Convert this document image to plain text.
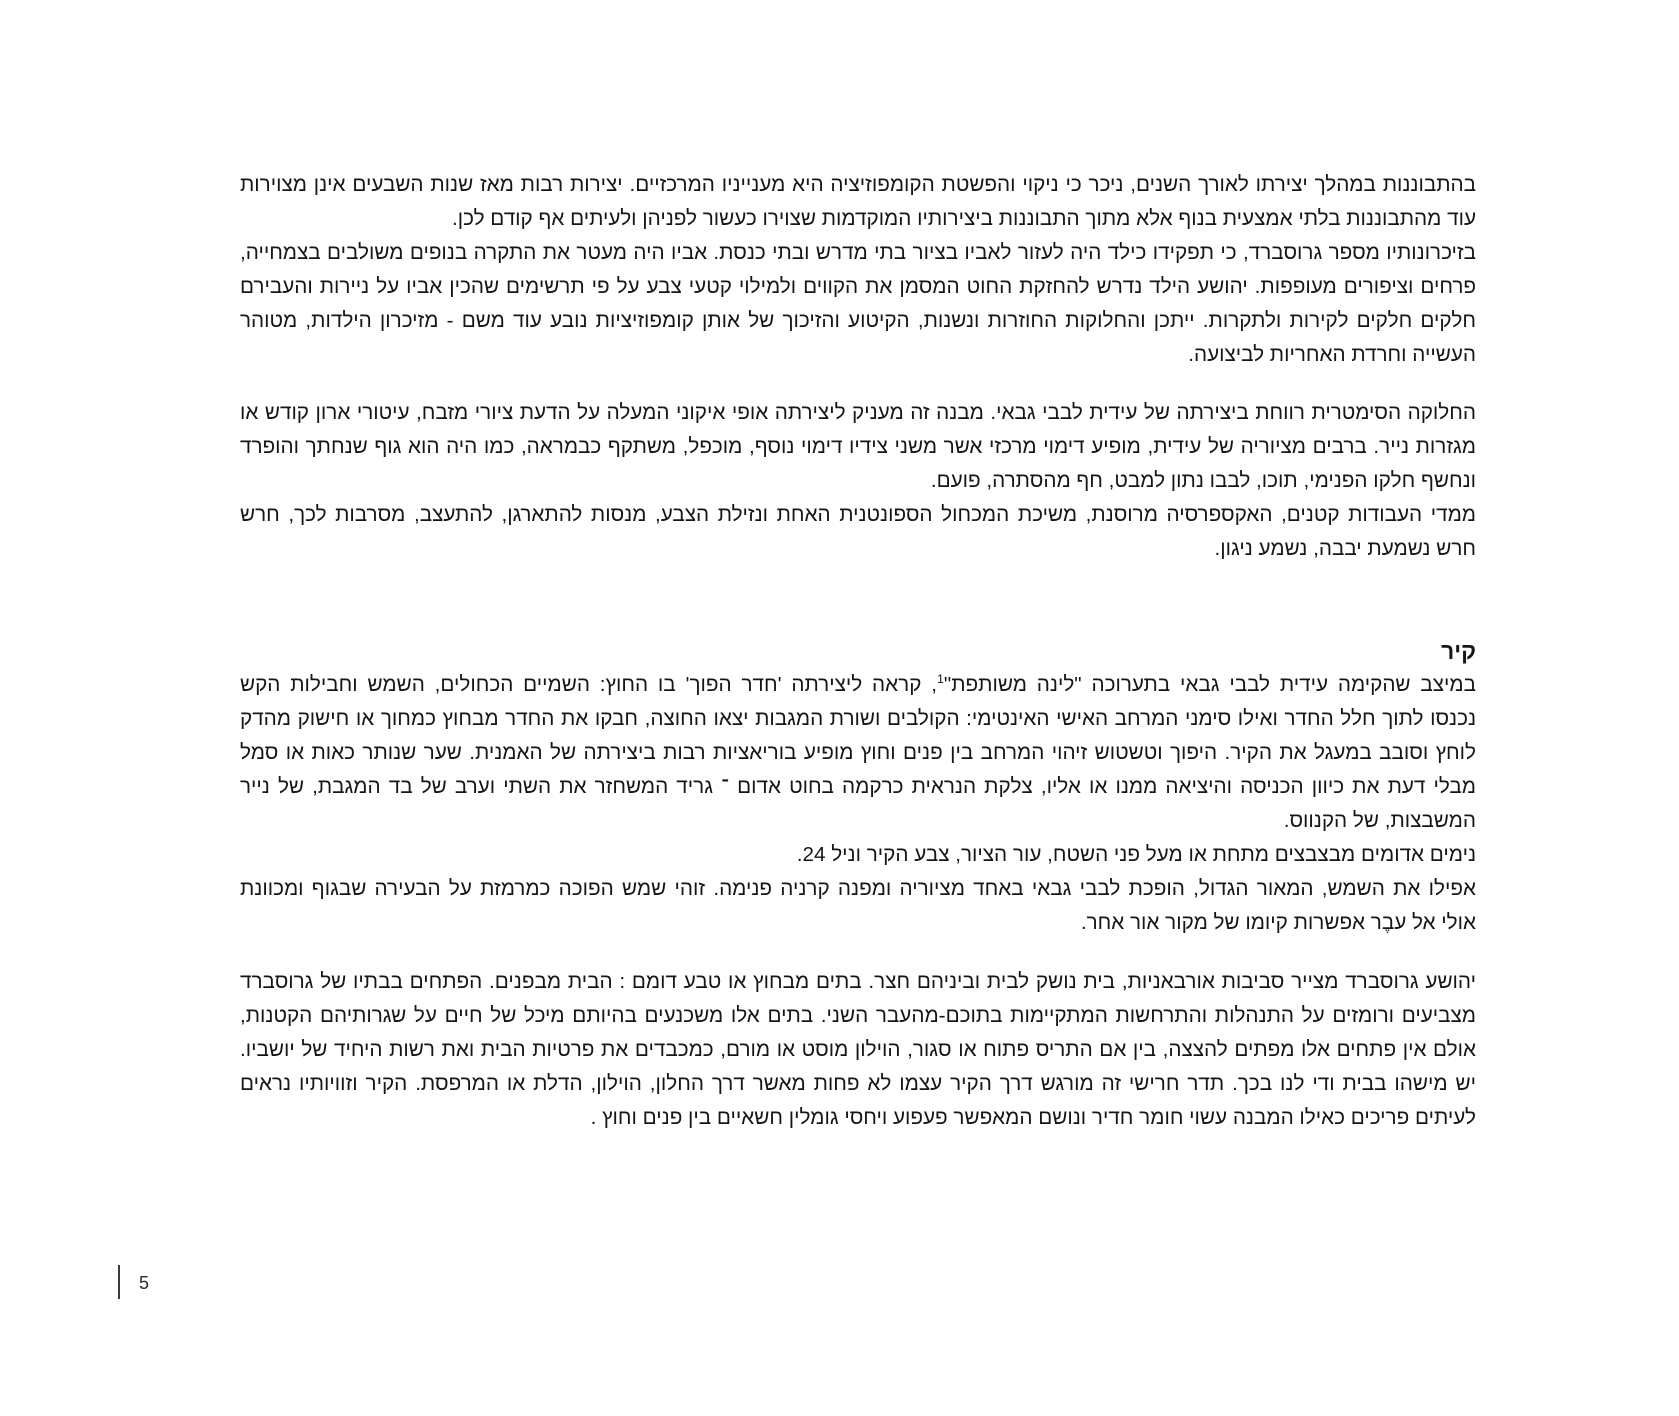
בהתבוננות במהלך יצירתו לאורך השנים, ניכר כי ניקוי והפשטת הקומפוזיציה היא מענייניו המרכזיים. יצירות רבות מאז שנות השבעים אינן מצוירות
עוד מהתבוננות בלתי אמצעית בנוף אלא מתוך התבוננות ביצירותיו המוקדמות שצוירו כעשור לפניהן ולעיתים אף קודם לכן.
בזיכרונותיו מספר גרוסברד, כי תפקידו כילד היה לעזור לאביו בציור בתי מדרש ובתי כנסת. אביו היה מעטר את התקרה בנופים משולבים בצמחייה,
פרחים וציפורים מעופפות. יהושע הילד נדרש להחזקת החוט המסמן את הקווים ולמילוי קטעי צבע על פי תרשימים שהכין אביו על ניירות והעבירם
חלקים חלקים לקירות ולתקרות. ייתכן והחלוקות החוזרות ונשנות, הקיטוע והזיכוך של אותן קומפוזיציות נובע עוד משם - מזיכרון הילדות, מטוהר
העשייה וחרדת האחריות לביצועה.
החלוקה הסימטרית רווחת ביצירתה של עידית לבבי גבאי. מבנה זה מעניק ליצירתה אופי איקוני המעלה על הדעת ציורי מזבח, עיטורי ארון קודש או
מגזרות נייר. ברבים מציוריה של עידית, מופיע דימוי מרכזי אשר משני צידיו דימוי נוסף, מוכפל, משתקף כבמראה, כמו היה הוא גוף שנחתך והופרד
ונחשף חלקו הפנימי, תוכו, לבבו נתון למבט, חף מהסתרה, פועם.
ממדי העבודות קטנים, האקספרסיה מרוסנת, משיכת המכחול הספונטנית האחת ונזילת הצבע, מנסות להתארגן, להתעצב, מסרבות לכך, חרש
חרש נשמעת יבבה, נשמע ניגון.
קיר
במיצב שהקימה עידית לבבי גבאי בתערוכה "לינה משותפת"$^1$, קראה ליצירתה 'חדר הפוך' בו החוץ: השמיים הכחולים, השמש וחבילות הקש
נכנסו לתוך חלל החדר ואילו סימני המרחב האישי האינטימי: הקולבים ושורת המגבות יצאו החוצה, חבקו את החדר מבחוץ כמחוך או חישוק מהדק
לוחץ וסובב במעגל את הקיר. היפוך וטשטוש זיהוי המרחב בין פנים וחוץ מופיע בוריאציות רבות ביצירתה של האמנית. שער שנותר כאות או סמל
מבלי דעת את כיוון הכניסה והיציאה ממנו או אליו, צלקת הנראית כרקמה בחוט אדום ־ גריד המשחזר את השתי וערב של בד המגבת, של נייר
המשבצות, של הקנווס.
נימים אדומים מבצבצים מתחת או מעל פני השטח, עור הציור, צבע הקיר וניל 24.
אפילו את השמש, המאור הגדול, הופכת לבבי גבאי באחד מציוריה ומפנה קרניה פנימה. זוהי שמש הפוכה כמרמזת על הבעירה שבגוף ומכוונת
אולי אל עבֶר אפשרות קיומו של מקור אור אחר.
יהושע גרוסברד מצייר סביבות אורבאניות, בית נושק לבית וביניהם חצר. בתים מבחוץ או טבע דומם : הבית מבפנים. הפתחים בבתיו של גרוסברד
מצביעים ורומזים על התנהלות והתרחשות המתקיימות בתוכם-מהעבר השני. בתים אלו משכנעים בהיותם מיכל של חיים על שגרותיהם הקטנות,
אולם אין פתחים אלו מפתים להצצה, בין אם התריס פתוח או סגור, הוילון מוסט או מורם, כמכבדים את פרטיות הבית ואת רשות היחיד של יושביו.
יש מישהו בבית ודי לנו בכך. תדר חרישי זה מורגש דרך הקיר עצמו לא פחות מאשר דרך החלון, הוילון, הדלת או המרפסת. הקיר וזוויותיו נראים
לעיתים פריכים כאילו המבנה עשוי חומר חדיר ונושם המאפשר פעפוע ויחסי גומלין חשאיים בין פנים וחוץ .
5
